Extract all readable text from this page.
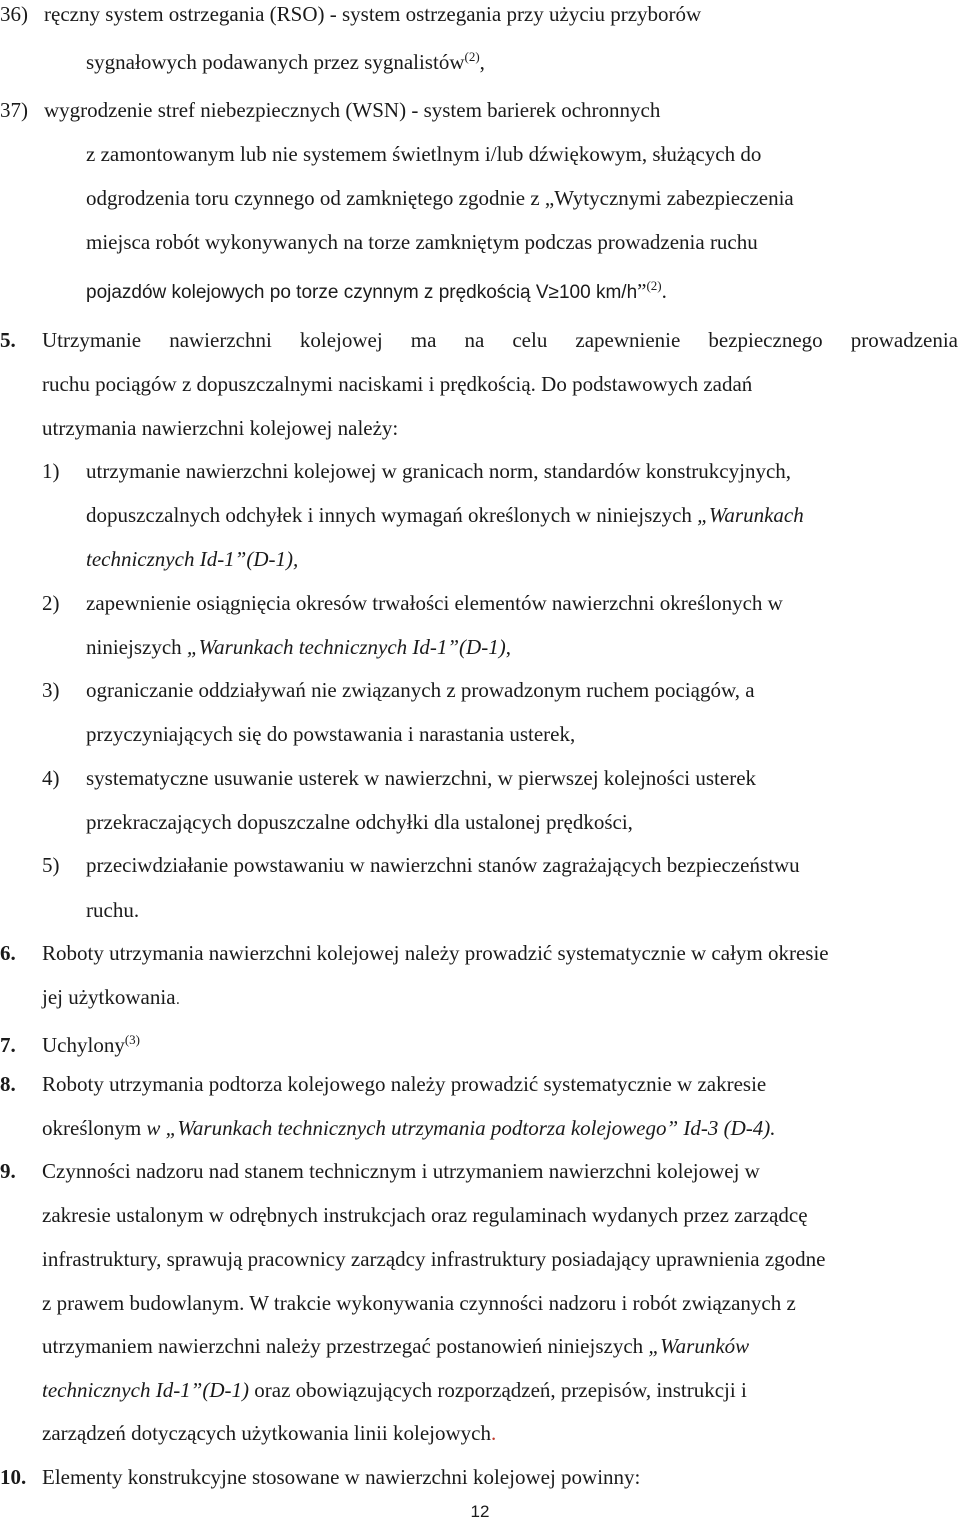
36) ręczny system ostrzegania (RSO) - system ostrzegania przy użyciu przyborów
sygnałowych podawanych przez sygnalistów$^{(2)}$,
37) wygrodzenie stref niebezpiecznych (WSN) - system barierek ochronnych
z zamontowanym lub nie systemem świetlnym i/lub dźwiękowym, służących do
odgrodzenia toru czynnego od zamkniętego zgodnie z „Wytycznymi zabezpieczenia
miejsca robót wykonywanych na torze zamkniętym podczas prowadzenia ruchu
pojazdów kolejowych po torze czynnym z prędkością V≥100 km/h”$^{(2)}$.
5. Utrzymanie nawierzchni kolejowej ma na celu zapewnienie bezpiecznego prowadzenia
ruchu pociągów z dopuszczalnymi naciskami i prędkością. Do podstawowych zadań
utrzymania nawierzchni kolejowej należy:
1) utrzymanie nawierzchni kolejowej w granicach norm, standardów konstrukcyjnych,
dopuszczalnych odchyłek i innych wymagań określonych w niniejszych „Warunkach
technicznych Id-1”(D-1),
2) zapewnienie osiągnięcia okresów trwałości elementów nawierzchni określonych w
niniejszych „Warunkach technicznych Id-1”(D-1),
3) ograniczanie oddziaływań nie związanych z prowadzonym ruchem pociągów, a
przyczyniających się do powstawania i narastania usterek,
4) systematyczne usuwanie usterek w nawierzchni, w pierwszej kolejności usterek
przekraczających dopuszczalne odchyłki dla ustalonej prędkości,
5) przeciwdziałanie powstawaniu w nawierzchni stanów zagrażających bezpieczeństwu
ruchu.
6. Roboty utrzymania nawierzchni kolejowej należy prowadzić systematycznie w całym okresie
jej użytkowania.
7. Uchylony$^{(3)}$
8. Roboty utrzymania podtorza kolejowego należy prowadzić systematycznie w zakresie
określonym w „Warunkach technicznych utrzymania podtorza kolejowego” Id-3 (D-4).
9. Czynności nadzoru nad stanem technicznym i utrzymaniem nawierzchni kolejowej w
zakresie ustalonym w odrębnych instrukcjach oraz regulaminach wydanych przez zarządcę
infrastruktury, sprawują pracownicy zarządcy infrastruktury posiadający uprawnienia zgodne
z prawem budowlanym. W trakcie wykonywania czynności nadzoru i robót związanych z
utrzymaniem nawierzchni należy przestrzegać postanowień niniejszych „Warunków
technicznych Id-1”(D-1) oraz obowiązujących rozporządzeń, przepisów, instrukcji i
zarządzeń dotyczących użytkowania linii kolejowych.
10. Elementy konstrukcyjne stosowane w nawierzchni kolejowej powinny:
12
